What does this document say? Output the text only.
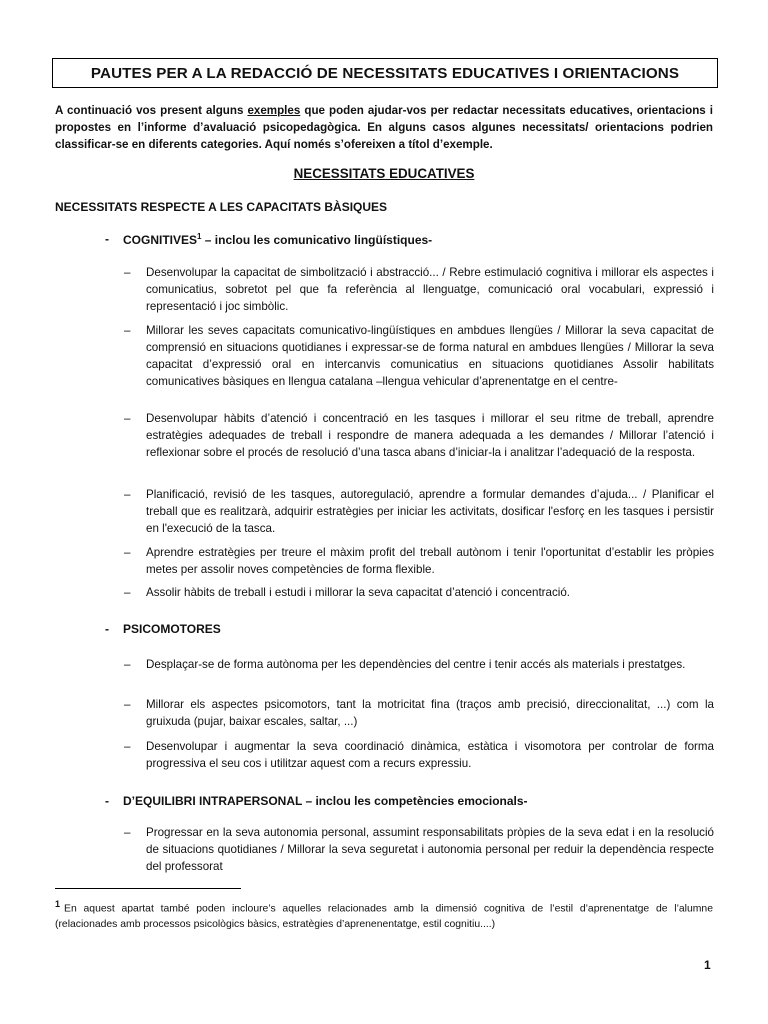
PAUTES PER A LA REDACCIÓ DE NECESSITATS EDUCATIVES I ORIENTACIONS
A continuació vos present alguns exemples que poden ajudar-vos per redactar necessitats educatives, orientacions i propostes en l’informe d’avaluació psicopedagògica. En alguns casos algunes necessitats/ orientacions podrien classificar-se en diferents categories. Aquí només s’ofereixen a títol d’exemple.
NECESSITATS EDUCATIVES
NECESSITATS RESPECTE A LES CAPACITATS BÀSIQUES
- COGNITIVES$^1$ – inclou les comunicativo lingüístiques-
–	Desenvolupar la capacitat de simbolització i abstracció... / Rebre estimulació cognitiva i millorar els aspectes i comunicatius, sobretot pel que fa referència al llenguatge, comunicació oral vocabulari, expressió i representació i joc simbòlic.
–	Millorar les seves capacitats comunicativo-lingüístiques en ambdues llengües / Millorar la seva capacitat de comprensió en situacions quotidianes i expressar-se de forma natural en ambdues llengües / Millorar la seva capacitat d’expressió oral en intercanvis comunicatius en situacions quotidianes Assolir habilitats comunicatives bàsiques en llengua catalana –llengua vehicular d’aprenentatge en el centre-
–	Desenvolupar hàbits d’atenció i concentració en les tasques i millorar el seu ritme de treball, aprendre estratègies adequades de treball i respondre de manera adequada a les demandes / Millorar l’atenció i reflexionar sobre el procés de resolució d’una tasca abans d’iniciar-la i analitzar l’adequació de la resposta.
–	Planificació, revisió de les tasques, autoregulació, aprendre a formular demandes d’ajuda... / Planificar el treball que es realitzarà, adquirir estratègies per iniciar les activitats, dosificar l'esforç en les tasques i persistir en l'execució de la tasca.
–	Aprendre estratègies per treure el màxim profit del treball autònom i tenir l'oportunitat d’establir les pròpies metes per assolir noves competències de forma flexible.
–	Assolir hàbits de treball i estudi i millorar la seva capacitat d’atenció i concentració.
- PSICOMOTORES
–	Desplaçar-se de forma autònoma per les dependències del centre i tenir accés als materials i prestatges.
–	Millorar els aspectes psicomotors, tant la motricitat fina (traços amb precisió, direccionalitat, ...) com la gruixuda (pujar, baixar escales, saltar, ...)
–	Desenvolupar i augmentar la seva coordinació dinàmica, estàtica i visomotora per controlar de forma progressiva el seu cos i utilitzar aquest com a recurs expressiu.
- D’EQUILIBRI INTRAPERSONAL – inclou les competències emocionals-
–	Progressar en la seva autonomia personal, assumint responsabilitats pròpies de la seva edat i en la resolució de situacions quotidianes / Millorar la seva seguretat i autonomia personal per reduir la dependència respecte del professorat
$^1$ En aquest apartat també poden incloure’s aquelles relacionades amb la dimensió cognitiva de l’estil d’aprenentatge de l’alumne (relacionades amb processos psicològics bàsics, estratègies d’aprenenentatge, estil cognitiu....)
1
